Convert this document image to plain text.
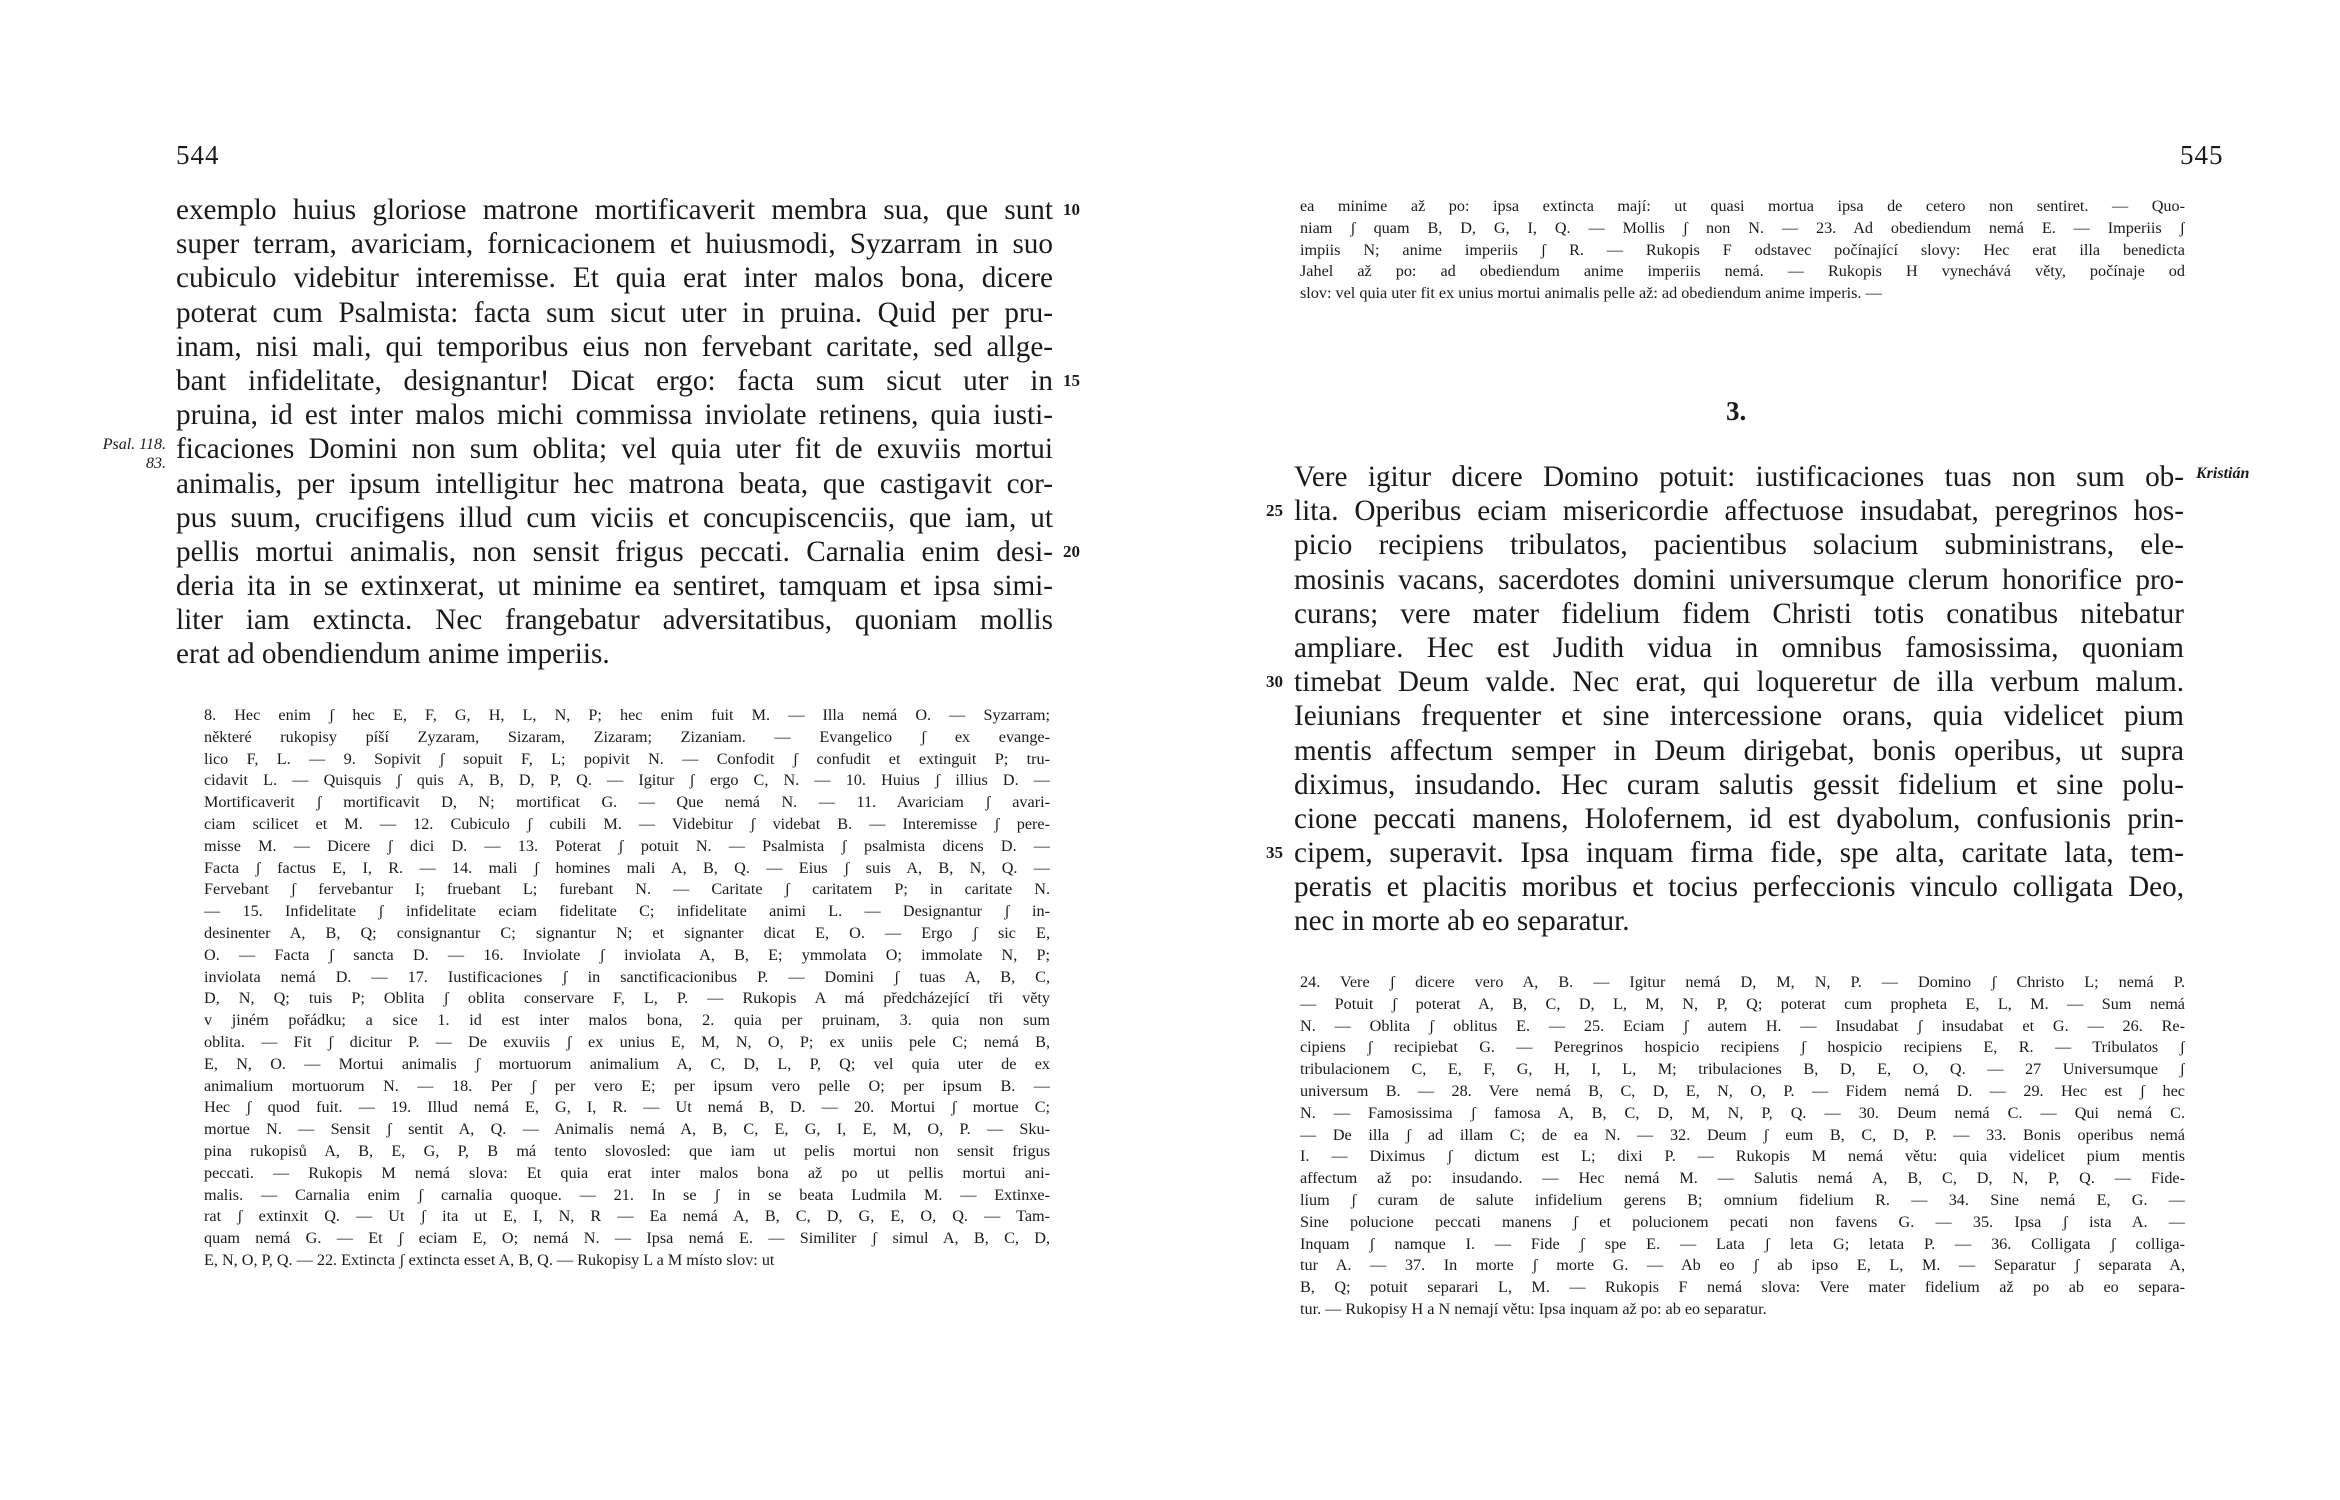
544
exemplo huius gloriose matrone mortificaverit membra sua, que sunt
super terram, avariciam, fornicacionem et huiusmodi, Syzarram in suo
cubiculo videbitur interemisse. Et quia erat inter malos bona, dicere
poterat cum Psalmista: facta sum sicut uter in pruina. Quid per pru-
inam, nisi mali, qui temporibus eius non fervebant caritate, sed allge-
bant infidelitate, designantur! Dicat ergo: facta sum sicut uter in
pruina, id est inter malos michi commissa inviolate retinens, quia iusti-
ficaciones Domini non sum oblita; vel quia uter fit de exuviis mortui
animalis, per ipsum intelligitur hec matrona beata, que castigavit cor-
pus suum, crucifigens illud cum viciis et concupiscenciis, que iam, ut
pellis mortui animalis, non sensit frigus peccati. Carnalia enim desi-
deria ita in se extinxerat, ut minime ea sentiret, tamquam et ipsa simi-
liter iam extincta. Nec frangebatur adversitatibus, quoniam mollis
erat ad obendiendum anime imperiis.
10
15
20
Psal. 118. 83.
8. Hec enim ʃ hec E, F, G, H, L, N, P; hec enim fuit M. — Illa nemá O. — Syzarram;
některé rukopisy píší Zyzaram, Sizaram, Zizaram; Zizaniam. — Evangelico ʃ ex evange-
lico F, L. — 9. Sopivit ʃ sopuit F, L; popivit N. — Confodit ʃ confudit et extinguit P; tru-
cidavit L. — Quisquis ʃ quis A, B, D, P, Q. — Igitur ʃ ergo C, N. — 10. Huius ʃ illius D. —
Mortificaverit ʃ mortificavit D, N; mortificat G. — Que nemá N. — 11. Avariciam ʃ avari-
ciam scilicet et M. — 12. Cubiculo ʃ cubili M. — Videbitur ʃ videbat B. — Interemisse ʃ pere-
misse M. — Dicere ʃ dici D. — 13. Poterat ʃ potuit N. — Psalmista ʃ psalmista dicens D. —
Facta ʃ factus E, I, R. — 14. mali ʃ homines mali A, B, Q. — Eius ʃ suis A, B, N, Q. —
Fervebant ʃ fervebantur I; fruebant L; furebant N. — Caritate ʃ caritatem P; in caritate N.
— 15. Infidelitate ʃ infidelitate eciam fidelitate C; infidelitate animi L. — Designantur ʃ in-
desinenter A, B, Q; consignantur C; signantur N; et signanter dicat E, O. — Ergo ʃ sic E,
O. — Facta ʃ sancta D. — 16. Inviolate ʃ inviolata A, B, E; ymmolata O; immolate N, P;
inviolata nemá D. — 17. Iustificaciones ʃ in sanctificacionibus P. — Domini ʃ tuas A, B, C,
D, N, Q; tuis P; Oblita ʃ oblita conservare F, L, P. — Rukopis A má předcházející tři věty
v jiném pořádku; a sice 1. id est inter malos bona, 2. quia per pruinam, 3. quia non sum
oblita. — Fit ʃ dicitur P. — De exuviis ʃ ex unius E, M, N, O, P; ex uniis pele C; nemá B,
E, N, O. — Mortui animalis ʃ mortuorum animalium A, C, D, L, P, Q; vel quia uter de ex
animalium mortuorum N. — 18. Per ʃ per vero E; per ipsum vero pelle O; per ipsum B. —
Hec ʃ quod fuit. — 19. Illud nemá E, G, I, R. — Ut nemá B, D. — 20. Mortui ʃ mortue C;
mortue N. — Sensit ʃ sentit A, Q. — Animalis nemá A, B, C, E, G, I, E, M, O, P. — Sku-
pina rukopisů A, B, E, G, P, B má tento slovosled: que iam ut pelis mortui non sensit frigus
peccati. — Rukopis M nemá slova: Et quia erat inter malos bona až po ut pellis mortui ani-
malis. — Carnalia enim ʃ carnalia quoque. — 21. In se ʃ in se beata Ludmila M. — Extinxe-
rat ʃ extinxit Q. — Ut ʃ ita ut E, I, N, R — Ea nemá A, B, C, D, G, E, O, Q. — Tam-
quam nemá G. — Et ʃ eciam E, O; nemá N. — Ipsa nemá E. — Similiter ʃ simul A, B, C, D,
E, N, O, P, Q. — 22. Extincta ʃ extincta esset A, B, Q. — Rukopisy L a M místo slov: ut
545
ea minime až po: ipsa extincta mají: ut quasi mortua ipsa de cetero non sentiret. — Quo-
niam ʃ quam B, D, G, I, Q. — Mollis ʃ non N. — 23. Ad obediendum nemá E. — Imperiis ʃ
impiis N; anime imperiis ʃ R. — Rukopis F odstavec počínající slovy: Hec erat illa benedicta
Jahel až po: ad obediendum anime imperiis nemá. — Rukopis H vynechává věty, počínaje od
slov: vel quia uter fit ex unius mortui animalis pelle až: ad obediendum anime imperis. —
3.
Kristián
Vere igitur dicere Domino potuit: iustificaciones tuas non sum ob-
lita. Operibus eciam misericordie affectuose insudabat, peregrinos hos-
picio recipiens tribulatos, pacientibus solacium subministrans, ele-
mosinis vacans, sacerdotes domini universumque clerum honorifice pro-
curans; vere mater fidelium fidem Christi totis conatibus nitebatur
ampliare. Hec est Judith vidua in omnibus famosissima, quoniam
timebat Deum valde. Nec erat, qui loqueretur de illa verbum malum.
Ieiunians frequenter et sine intercessione orans, quia videlicet pium
mentis affectum semper in Deum dirigebat, bonis operibus, ut supra
diximus, insudando. Hec curam salutis gessit fidelium et sine polu-
cione peccati manens, Holofernem, id est dyabolum, confusionis prin-
cipem, superavit. Ipsa inquam firma fide, spe alta, caritate lata, tem-
peratis et placitis moribus et tocius perfeccionis vinculo colligata Deo,
nec in morte ab eo separatur.
25
30
35
24. Vere ʃ dicere vero A, B. — Igitur nemá D, M, N, P. — Domino ʃ Christo L; nemá P.
— Potuit ʃ poterat A, B, C, D, L, M, N, P, Q; poterat cum propheta E, L, M. — Sum nemá
N. — Oblita ʃ oblitus E. — 25. Eciam ʃ autem H. — Insudabat ʃ insudabat et G. — 26. Re-
cipiens ʃ recipiebat G. — Peregrinos hospicio recipiens ʃ hospicio recipiens E, R. — Tribulatos ʃ
tribulacionem C, E, F, G, H, I, L, M; tribulaciones B, D, E, O, Q. — 27 Universumque ʃ
universum B. — 28. Vere nemá B, C, D, E, N, O, P. — Fidem nemá D. — 29. Hec est ʃ hec
N. — Famosissima ʃ famosa A, B, C, D, M, N, P, Q. — 30. Deum nemá C. — Qui nemá C.
— De illa ʃ ad illam C; de ea N. — 32. Deum ʃ eum B, C, D, P. — 33. Bonis operibus nemá
I. — Diximus ʃ dictum est L; dixi P. — Rukopis M nemá větu: quia videlicet pium mentis
affectum až po: insudando. — Hec nemá M. — Salutis nemá A, B, C, D, N, P, Q. — Fide-
lium ʃ curam de salute infidelium gerens B; omnium fidelium R. — 34. Sine nemá E, G. —
Sine polucione peccati manens ʃ et polucionem pecati non favens G. — 35. Ipsa ʃ ista A. —
Inquam ʃ namque I. — Fide ʃ spe E. — Lata ʃ leta G; letata P. — 36. Colligata ʃ colliga-
tur A. — 37. In morte ʃ morte G. — Ab eo ʃ ab ipso E, L, M. — Separatur ʃ separata A,
B, Q; potuit separari L, M. — Rukopis F nemá slova: Vere mater fidelium až po ab eo separa-
tur. — Rukopisy H a N nemají větu: Ipsa inquam až po: ab eo separatur.
